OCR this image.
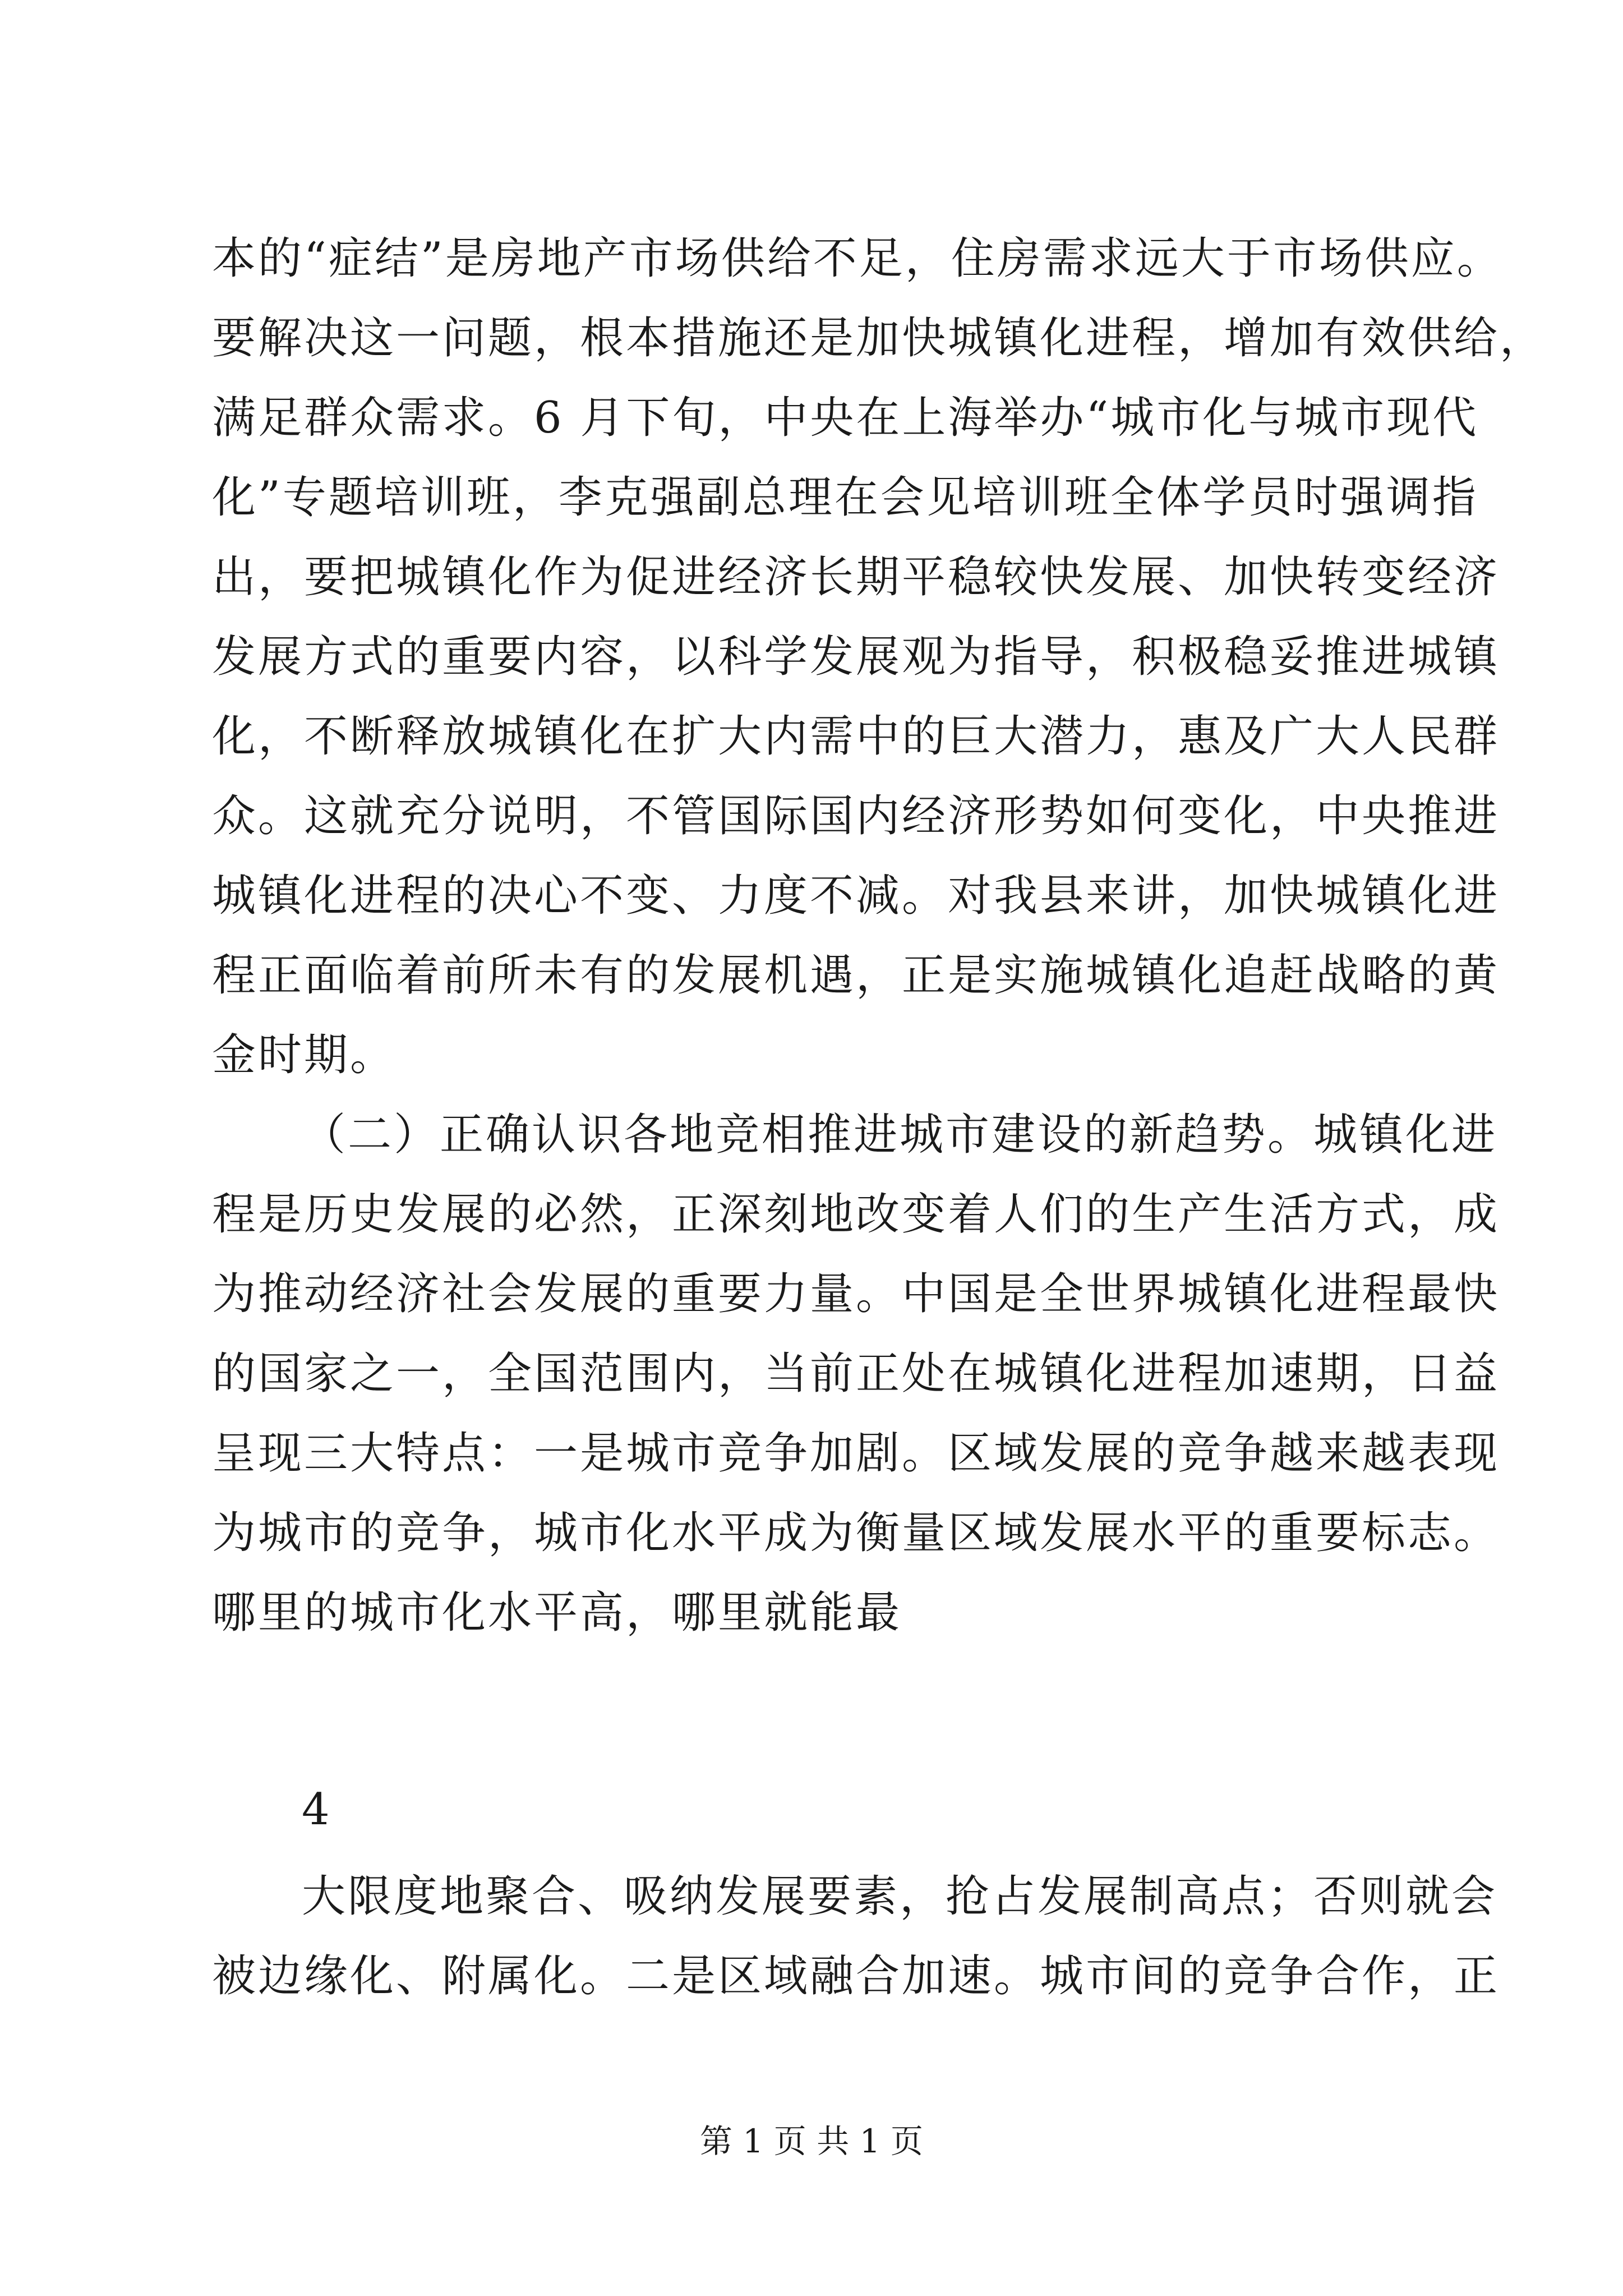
本的“症结”是房地产市场供给不足，住房需求远大于市场供应。
要解决这一问题，根本措施还是加快城镇化进程，增加有效供给，
满足群众需求。6 月下旬，中央在上海举办“城市化与城市现代
化”专题培训班，李克强副总理在会见培训班全体学员时强调指
出，要把城镇化作为促进经济长期平稳较快发展、加快转变经济
发展方式的重要内容，以科学发展观为指导，积极稳妥推进城镇
化，不断释放城镇化在扩大内需中的巨大潜力，惠及广大人民群
众。这就充分说明，不管国际国内经济形势如何变化，中央推进
城镇化进程的决心不变、力度不减。对我县来讲，加快城镇化进
程正面临着前所未有的发展机遇，正是实施城镇化追赶战略的黄
金时期。
（二）正确认识各地竞相推进城市建设的新趋势。城镇化进
程是历史发展的必然，正深刻地改变着人们的生产生活方式，成
为推动经济社会发展的重要力量。中国是全世界城镇化进程最快
的国家之一，全国范围内，当前正处在城镇化进程加速期，日益
呈现三大特点：一是城市竞争加剧。区域发展的竞争越来越表现
为城市的竞争，城市化水平成为衡量区域发展水平的重要标志。
哪里的城市化水平高，哪里就能最
4
大限度地聚合、吸纳发展要素，抢占发展制高点；否则就会
被边缘化、附属化。二是区域融合加速。城市间的竞争合作，正
第 1 页 共 1 页
